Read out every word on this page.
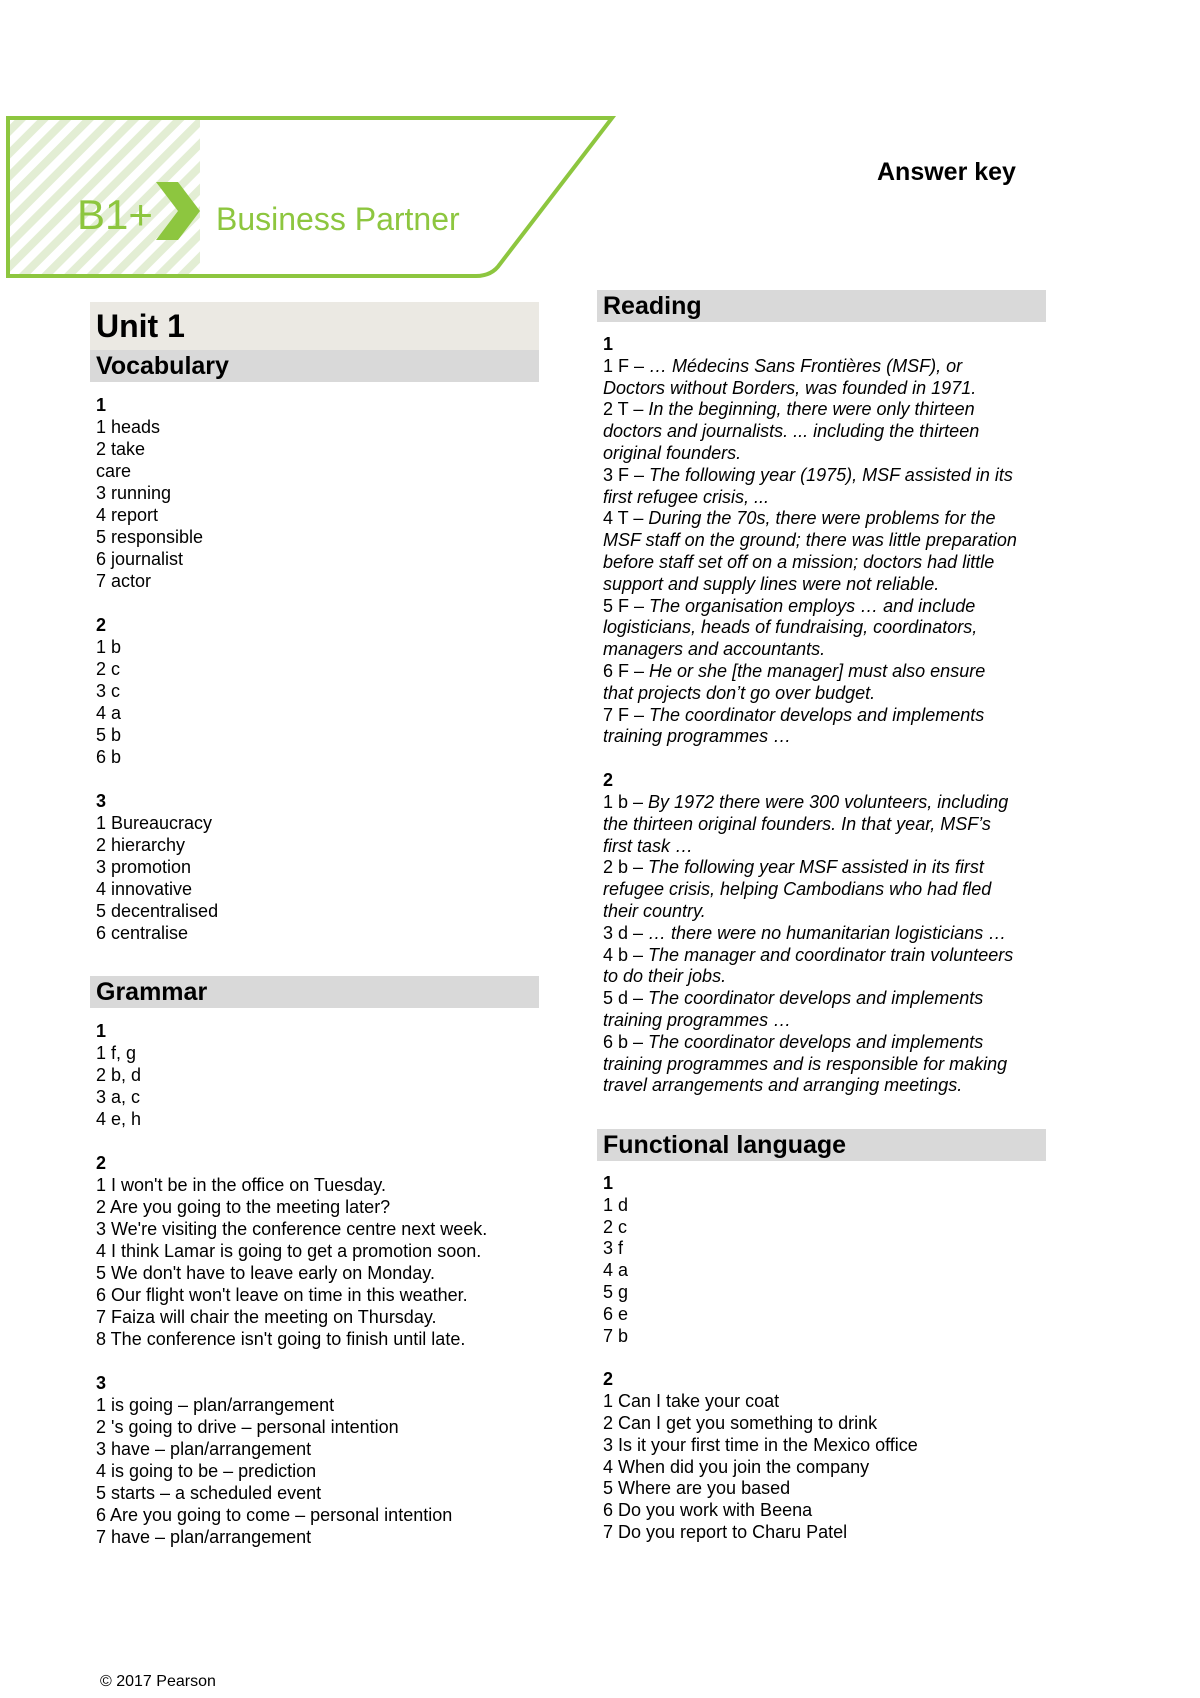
B1+ Business Partner
Answer key
Unit 1
Vocabulary
1
1 heads
2 take
care
3 running
4 report
5 responsible
6 journalist
7 actor
2
1 b
2 c
3 c
4 a
5 b
6 b
3
1 Bureaucracy
2 hierarchy
3 promotion
4 innovative
5 decentralised
6 centralise
Grammar
1
1 f, g
2 b, d
3 a, c
4 e, h
2
1 I won't be in the office on Tuesday.
2 Are you going to the meeting later?
3 We're visiting the conference centre next week.
4 I think Lamar is going to get a promotion soon.
5 We don't have to leave early on Monday.
6 Our flight won't leave on time in this weather.
7 Faiza will chair the meeting on Thursday.
8 The conference isn't going to finish until late.
3
1 is going – plan/arrangement
2 's going to drive – personal intention
3 have – plan/arrangement
4 is going to be – prediction
5 starts – a scheduled event
6 Are you going to come – personal intention
7 have – plan/arrangement
Reading
1
1 F – … Médecins Sans Frontières (MSF), or
Doctors without Borders, was founded in 1971.
2 T – In the beginning, there were only thirteen
doctors and journalists. ... including the thirteen
original founders.
3 F – The following year (1975), MSF assisted in its
first refugee crisis, ...
4 T – During the 70s, there were problems for the
MSF staff on the ground; there was little preparation
before staff set off on a mission; doctors had little
support and supply lines were not reliable.
5 F – The organisation employs … and include
logisticians, heads of fundraising, coordinators,
managers and accountants.
6 F – He or she [the manager] must also ensure
that projects don’t go over budget.
7 F – The coordinator develops and implements
training programmes …
2
1 b – By 1972 there were 300 volunteers, including
the thirteen original founders. In that year, MSF’s
first task …
2 b – The following year MSF assisted in its first
refugee crisis, helping Cambodians who had fled
their country.
3 d – … there were no humanitarian logisticians …
4 b – The manager and coordinator train volunteers
to do their jobs.
5 d – The coordinator develops and implements
training programmes …
6 b – The coordinator develops and implements
training programmes and is responsible for making
travel arrangements and arranging meetings.
Functional language
1
1 d
2 c
3 f
4 a
5 g
6 e
7 b
2
1 Can I take your coat
2 Can I get you something to drink
3 Is it your first time in the Mexico office
4 When did you join the company
5 Where are you based
6 Do you work with Beena
7 Do you report to Charu Patel
© 2017 Pearson
